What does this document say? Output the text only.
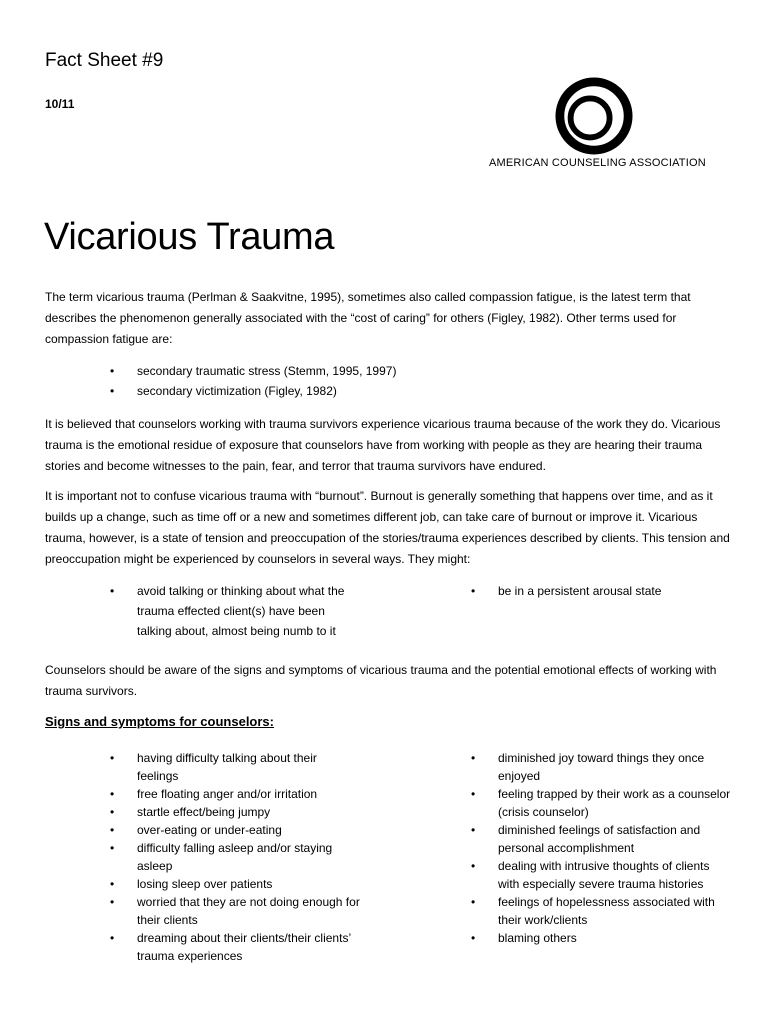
Fact Sheet #9
10/11
AMERICAN COUNSELING ASSOCIATION
Vicarious Trauma

The term vicarious trauma (Perlman & Saakvitne, 1995), sometimes also called compassion fatigue, is the latest term that describes the phenomenon generally associated with the “cost of caring” for others (Figley, 1982). Other terms used for compassion fatigue are:

• secondary traumatic stress (Stemm, 1995, 1997)
• secondary victimization (Figley, 1982)

It is believed that counselors working with trauma survivors experience vicarious trauma because of the work they do. Vicarious trauma is the emotional residue of exposure that counselors have from working with people as they are hearing their trauma stories and become witnesses to the pain, fear, and terror that trauma survivors have endured.

It is important not to confuse vicarious trauma with “burnout”. Burnout is generally something that happens over time, and as it builds up a change, such as time off or a new and sometimes different job, can take care of burnout or improve it. Vicarious trauma, however, is a state of tension and preoccupation of the stories/trauma experiences described by clients. This tension and preoccupation might be experienced by counselors in several ways. They might:

• avoid talking or thinking about what the trauma effected client(s) have been talking about, almost being numb to it
• be in a persistent arousal state

Counselors should be aware of the signs and symptoms of vicarious trauma and the potential emotional effects of working with trauma survivors.

Signs and symptoms for counselors:
• having difficulty talking about their feelings
• free floating anger and/or irritation
• startle effect/being jumpy
• over-eating or under-eating
• difficulty falling asleep and/or staying asleep
• losing sleep over patients
• worried that they are not doing enough for their clients
• dreaming about their clients/their clients’ trauma experiences
• diminished joy toward things they once enjoyed
• feeling trapped by their work as a counselor (crisis counselor)
• diminished feelings of satisfaction and personal accomplishment
• dealing with intrusive thoughts of clients with especially severe trauma histories
• feelings of hopelessness associated with their work/clients
• blaming others
